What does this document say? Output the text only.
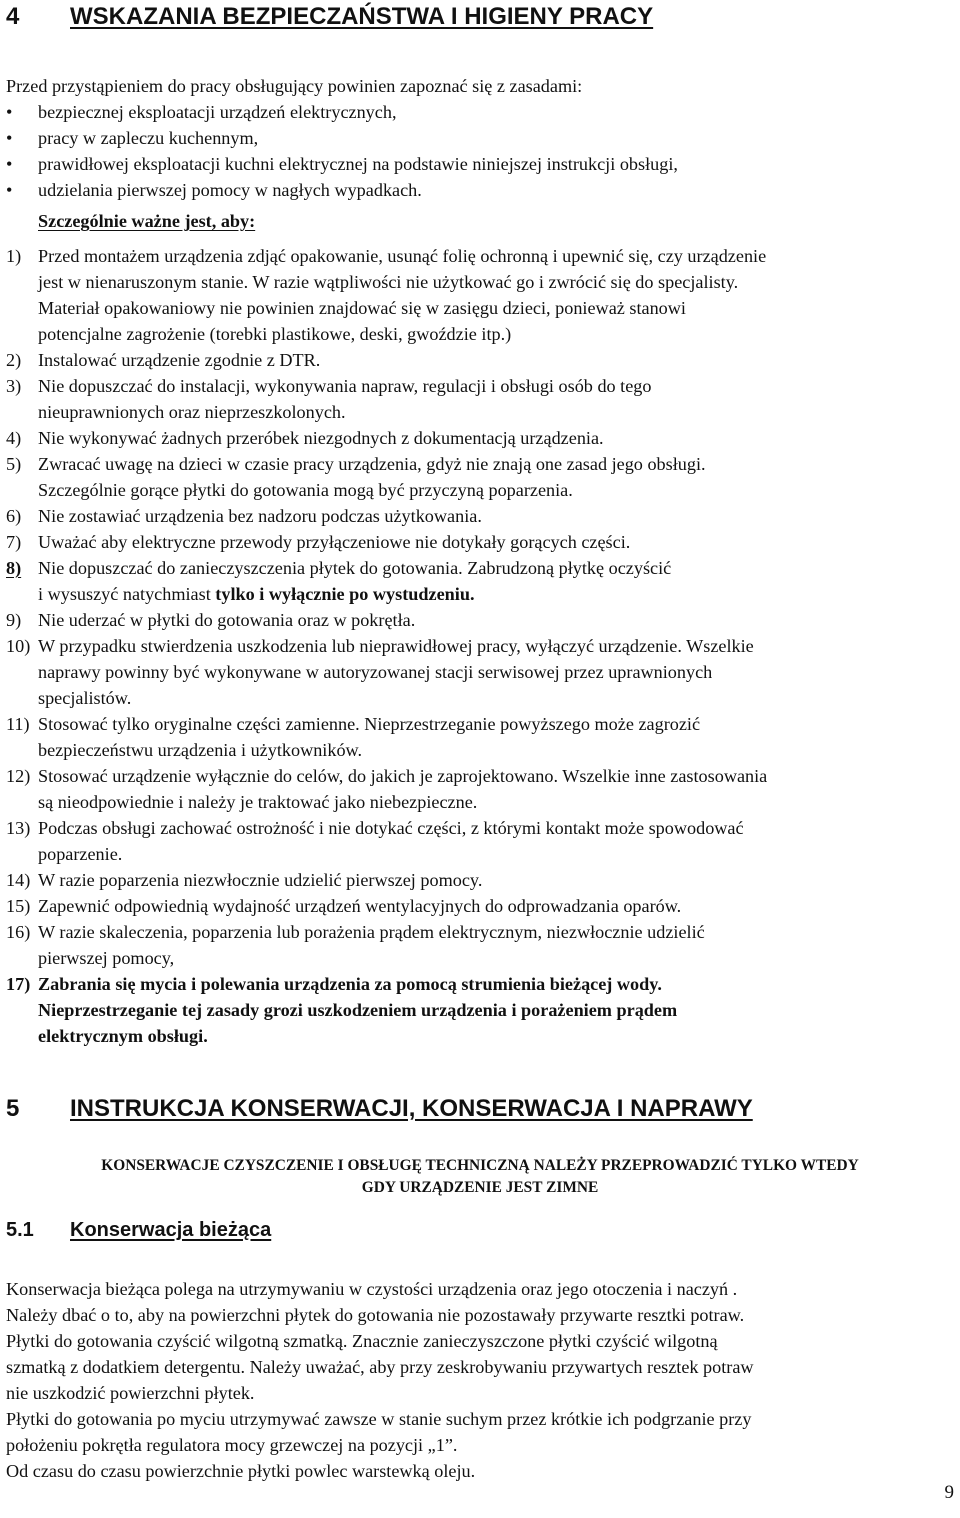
4 WSKAZANIA BEZPIECZAŃSTWA I HIGIENY PRACY
Przed przystąpieniem do pracy obsługujący powinien zapoznać się z zasadami:
• bezpiecznej eksploatacji urządzeń elektrycznych,
• pracy w zapleczu kuchennym,
• prawidłowej eksploatacji kuchni elektrycznej na podstawie niniejszej instrukcji obsługi,
• udzielania pierwszej pomocy w nagłych wypadkach.
Szczególnie ważne jest, aby:
1) Przed montażem urządzenia zdjąć opakowanie, usunąć folię ochronną i upewnić się, czy urządzenie
jest w nienaruszonym stanie. W razie wątpliwości nie użytkować go i zwrócić się do specjalisty.
Materiał opakowaniowy nie powinien znajdować się w zasięgu dzieci, ponieważ stanowi
potencjalne zagrożenie (torebki plastikowe, deski, gwoździe itp.)
2) Instalować urządzenie zgodnie z DTR.
3) Nie dopuszczać do instalacji, wykonywania napraw, regulacji i obsługi osób do tego
nieuprawnionych oraz nieprzeszkolonych.
4) Nie wykonywać żadnych przeróbek niezgodnych z dokumentacją urządzenia.
5) Zwracać uwagę na dzieci w czasie pracy urządzenia, gdyż nie znają one zasad jego obsługi.
Szczególnie gorące płytki do gotowania mogą być przyczyną poparzenia.
6) Nie zostawiać urządzenia bez nadzoru podczas użytkowania.
7) Uważać aby elektryczne przewody przyłączeniowe nie dotykały gorących części.
8) Nie dopuszczać do zanieczyszczenia płytek do gotowania. Zabrudzoną płytkę oczyścić
i wysuszyć natychmiast tylko i wyłącznie po wystudzeniu.
9) Nie uderzać w płytki do gotowania oraz w pokrętła.
10) W przypadku stwierdzenia uszkodzenia lub nieprawidłowej pracy, wyłączyć urządzenie. Wszelkie
naprawy powinny być wykonywane w autoryzowanej stacji serwisowej przez uprawnionych
specjalistów.
11) Stosować tylko oryginalne części zamienne. Nieprzestrzeganie powyższego może zagrozić
bezpieczeństwu urządzenia i użytkowników.
12) Stosować urządzenie wyłącznie do celów, do jakich je zaprojektowano. Wszelkie inne zastosowania
są nieodpowiednie i należy je traktować jako niebezpieczne.
13) Podczas obsługi zachować ostrożność i nie dotykać części, z którymi kontakt może spowodować
poparzenie.
14) W razie poparzenia niezwłocznie udzielić pierwszej pomocy.
15) Zapewnić odpowiednią wydajność urządzeń wentylacyjnych do odprowadzania oparów.
16) W razie skaleczenia, poparzenia lub porażenia prądem elektrycznym, niezwłocznie udzielić
pierwszej pomocy,
17) Zabrania się mycia i polewania urządzenia za pomocą strumienia bieżącej wody.
Nieprzestrzeganie tej zasady grozi uszkodzeniem urządzenia i porażeniem prądem
elektrycznym obsługi.
5 INSTRUKCJA KONSERWACJI, KONSERWACJA I NAPRAWY
KONSERWACJE CZYSZCZENIE I OBSŁUGĘ TECHNICZNĄ NALEŻY PRZEPROWADZIĆ TYLKO WTEDY
GDY URZĄDZENIE JEST ZIMNE
5.1 Konserwacja bieżąca
Konserwacja bieżąca polega na utrzymywaniu w czystości urządzenia oraz jego otoczenia i naczyń .
Należy dbać o to, aby na powierzchni płytek do gotowania nie pozostawały przywarte resztki potraw.
Płytki do gotowania czyścić wilgotną szmatką. Znacznie zanieczyszczone płytki czyścić wilgotną
szmatką z dodatkiem detergentu. Należy uważać, aby przy zeskrobywaniu przywartych resztek potraw
nie uszkodzić powierzchni płytek.
Płytki do gotowania po myciu utrzymywać zawsze w stanie suchym przez krótkie ich podgrzanie przy
położeniu pokrętła regulatora mocy grzewczej na pozycji „1”.
Od czasu do czasu powierzchnie płytki powlec warstewką oleju.
9
